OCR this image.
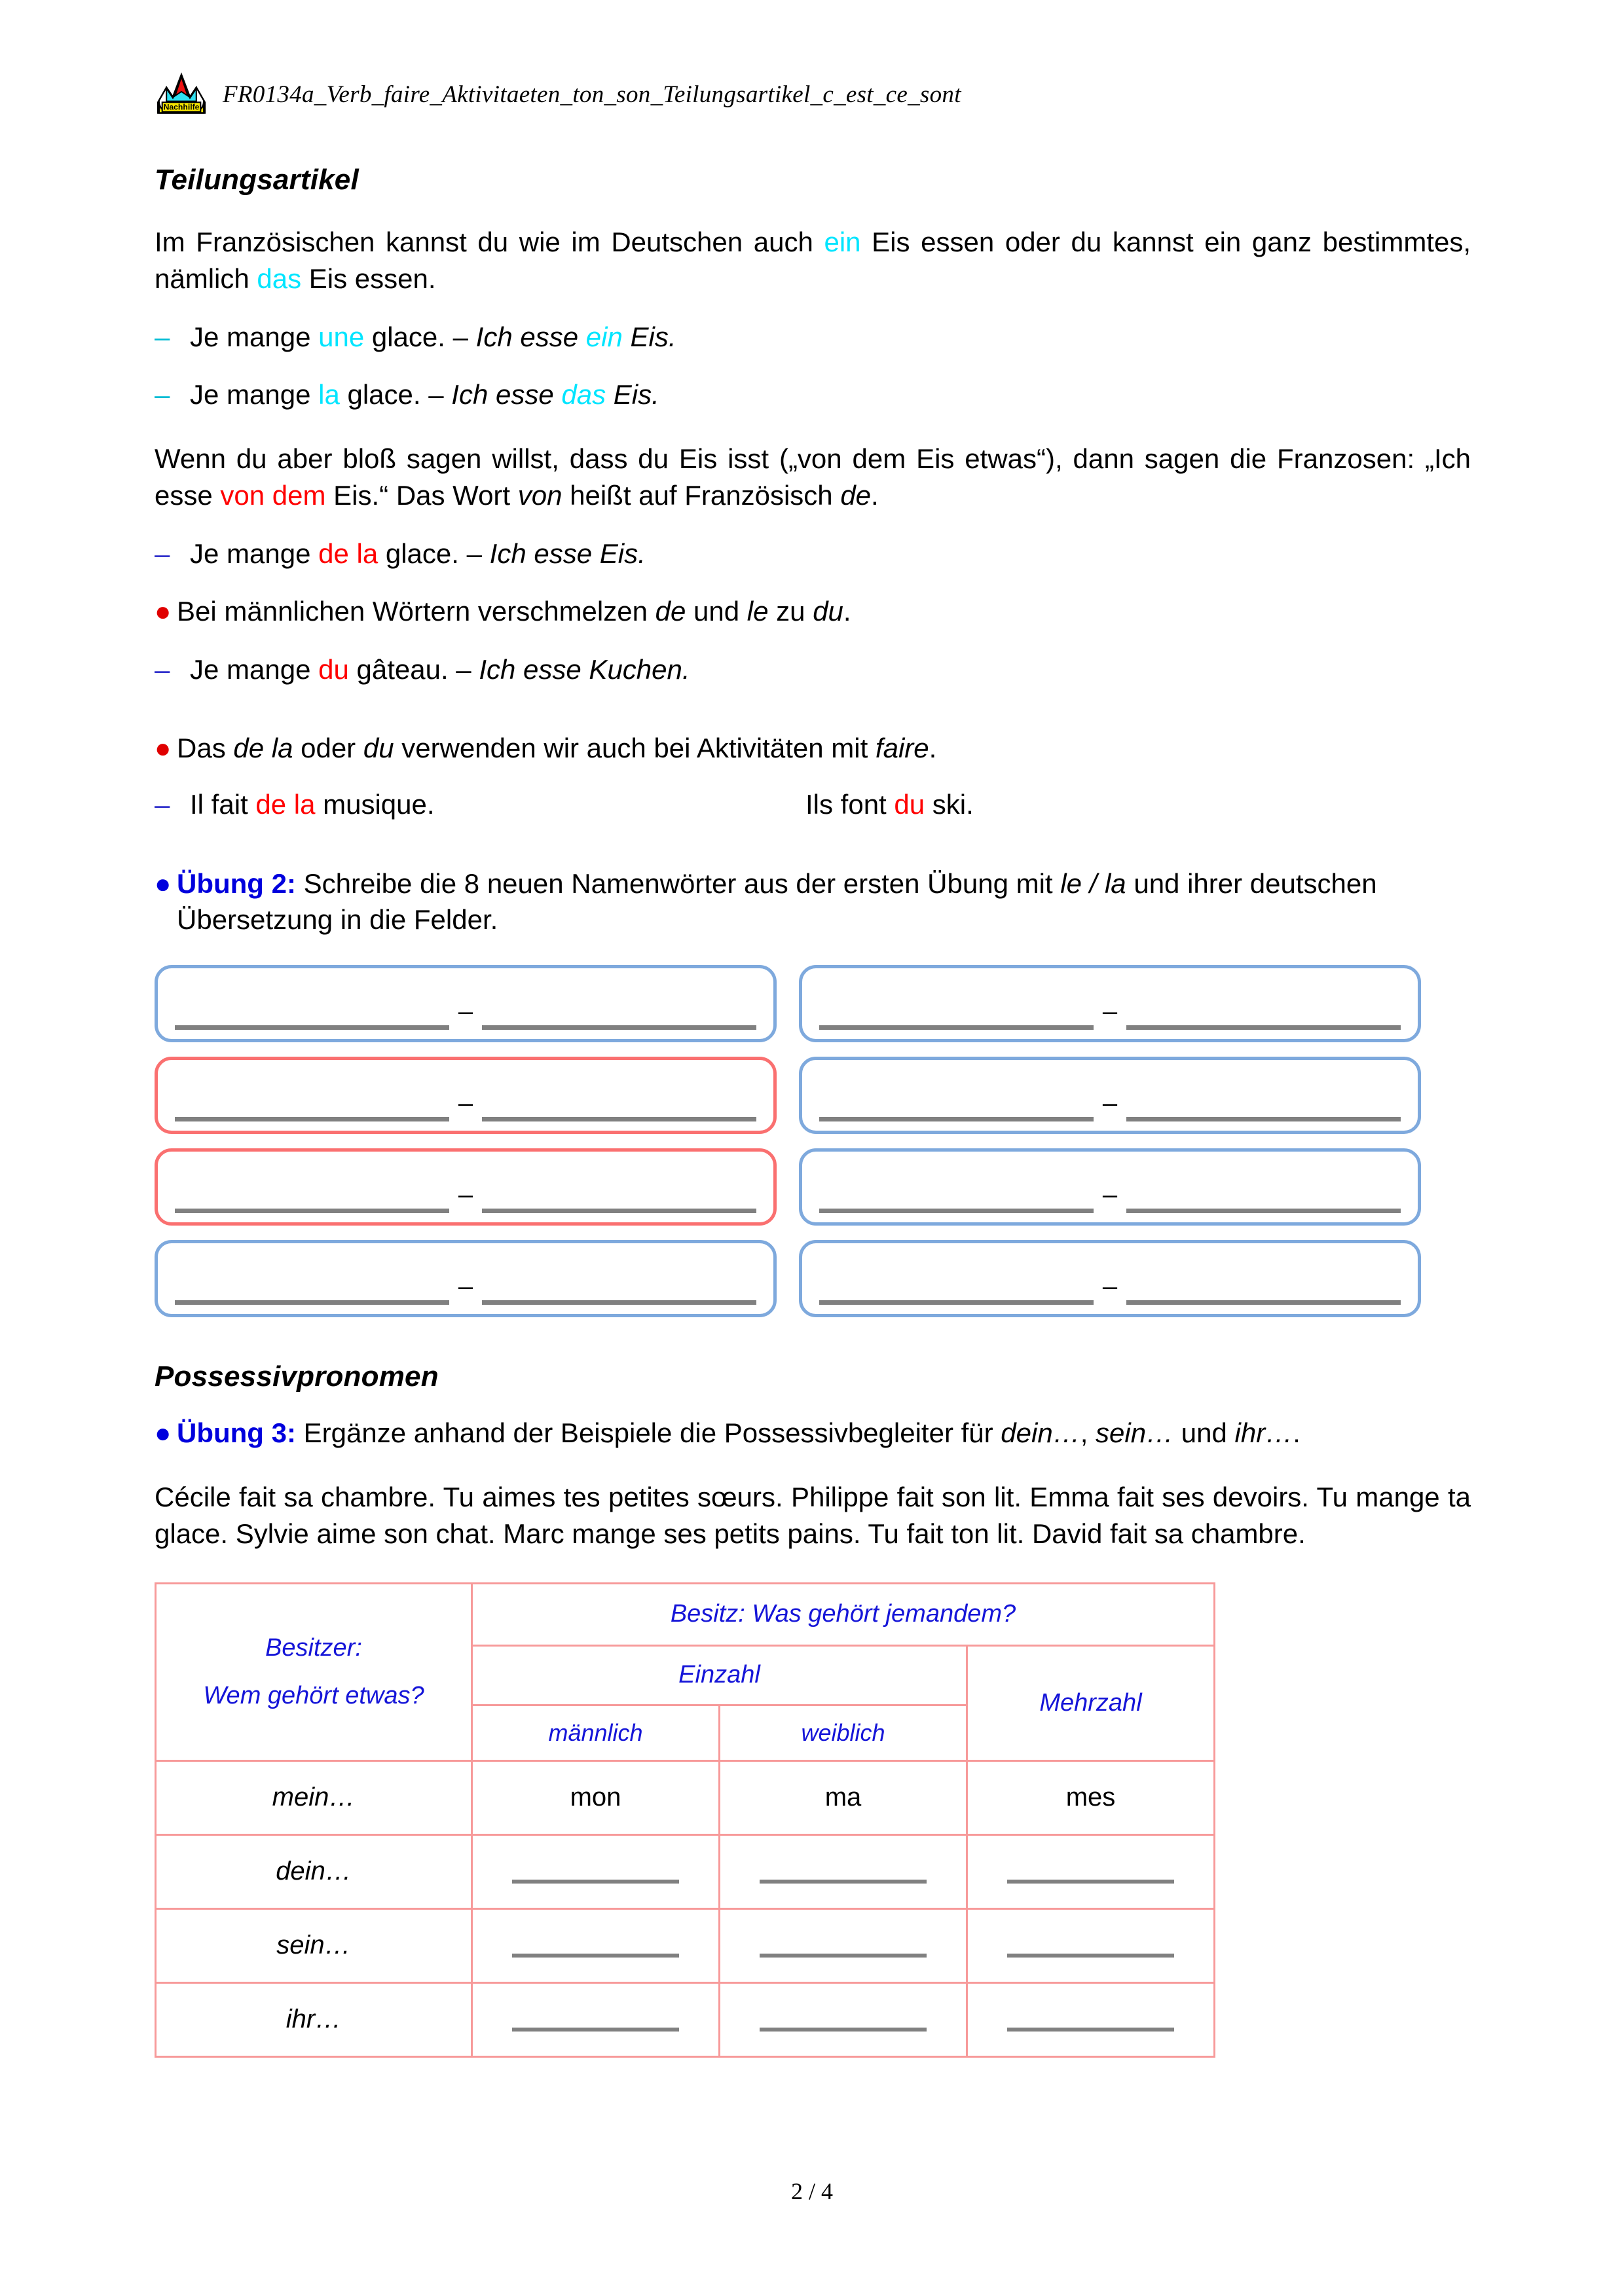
Nachhilfe FR0134a_Verb_faire_Aktivitaeten_ton_son_Teilungsartikel_c_est_ce_sont
Teilungsartikel

Im Französischen kannst du wie im Deutschen auch ein Eis essen oder du kannst ein ganz bestimmtes, nämlich das Eis essen.

– Je mange une glace. – Ich esse ein Eis.
– Je mange la glace. – Ich esse das Eis.

Wenn du aber bloß sagen willst, dass du Eis isst („von dem Eis etwas“), dann sagen die Franzosen: „Ich esse von dem Eis.“ Das Wort von heißt auf Französisch de.

– Je mange de la glace. – Ich esse Eis.
● Bei männlichen Wörtern verschmelzen de und le zu du.
– Je mange du gâteau. – Ich esse Kuchen.
● Das de la oder du verwenden wir auch bei Aktivitäten mit faire.
– Il fait de la musique.	Ils font du ski.
● Übung 2: Schreibe die 8 neuen Namenwörter aus der ersten Übung mit le / la und ihrer deutschen Übersetzung in die Felder.
–	–
–	–
–	–
–	–
Possessivpronomen
● Übung 3: Ergänze anhand der Beispiele die Possessivbegleiter für dein…, sein… und ihr….

Cécile fait sa chambre. Tu aimes tes petites sœurs. Philippe fait son lit. Emma fait ses devoirs. Tu mange ta glace. Sylvie aime son chat. Marc mange ses petits pains. Tu fait ton lit. David fait sa chambre.

Besitzer:
Wem gehört etwas?	Besitz: Was gehört jemandem?		
	Einzahl		Mehrzahl
	männlich	weiblich	
mein…	mon	ma	mes
dein…	

sein…	

ihr…	

2 / 4
